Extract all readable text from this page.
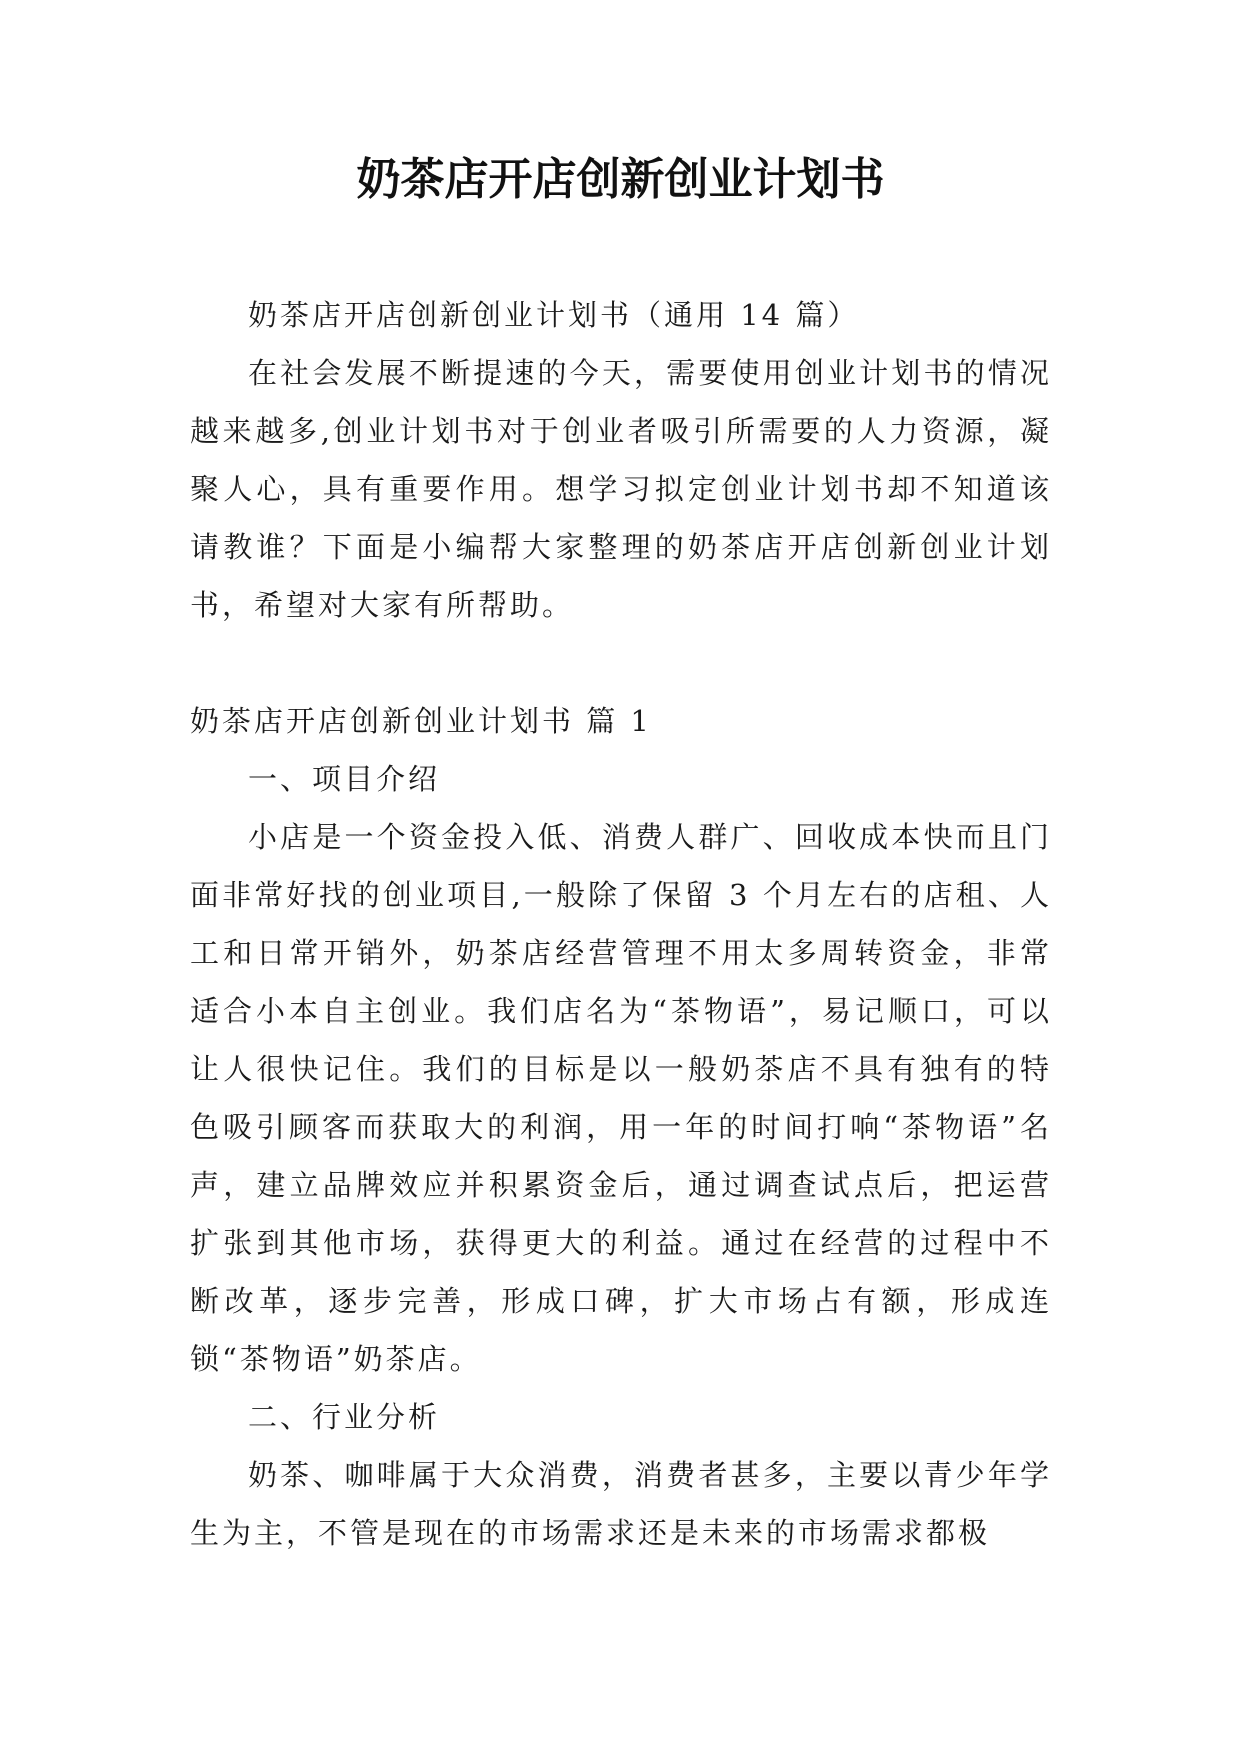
奶茶店开店创新创业计划书

奶茶店开店创新创业计划书（通用 14 篇）

在社会发展不断提速的今天，需要使用创业计划书的情况越来越多,创业计划书对于创业者吸引所需要的人力资源，凝聚人心，具有重要作用。想学习拟定创业计划书却不知道该请教谁？下面是小编帮大家整理的奶茶店开店创新创业计划书，希望对大家有所帮助。

奶茶店开店创新创业计划书 篇 1

一、项目介绍

小店是一个资金投入低、消费人群广、回收成本快而且门面非常好找的创业项目,一般除了保留 3 个月左右的店租、人工和日常开销外，奶茶店经营管理不用太多周转资金，非常适合小本自主创业。我们店名为“茶物语”，易记顺口，可以让人很快记住。我们的目标是以一般奶茶店不具有独有的特色吸引顾客而获取大的利润，用一年的时间打响“茶物语”名声，建立品牌效应并积累资金后，通过调查试点后，把运营扩张到其他市场，获得更大的利益。通过在经营的过程中不断改革，逐步完善，形成口碑，扩大市场占有额，形成连锁“茶物语”奶茶店。

二、行业分析

奶茶、咖啡属于大众消费，消费者甚多，主要以青少年学生为主，不管是现在的市场需求还是未来的市场需求都极
